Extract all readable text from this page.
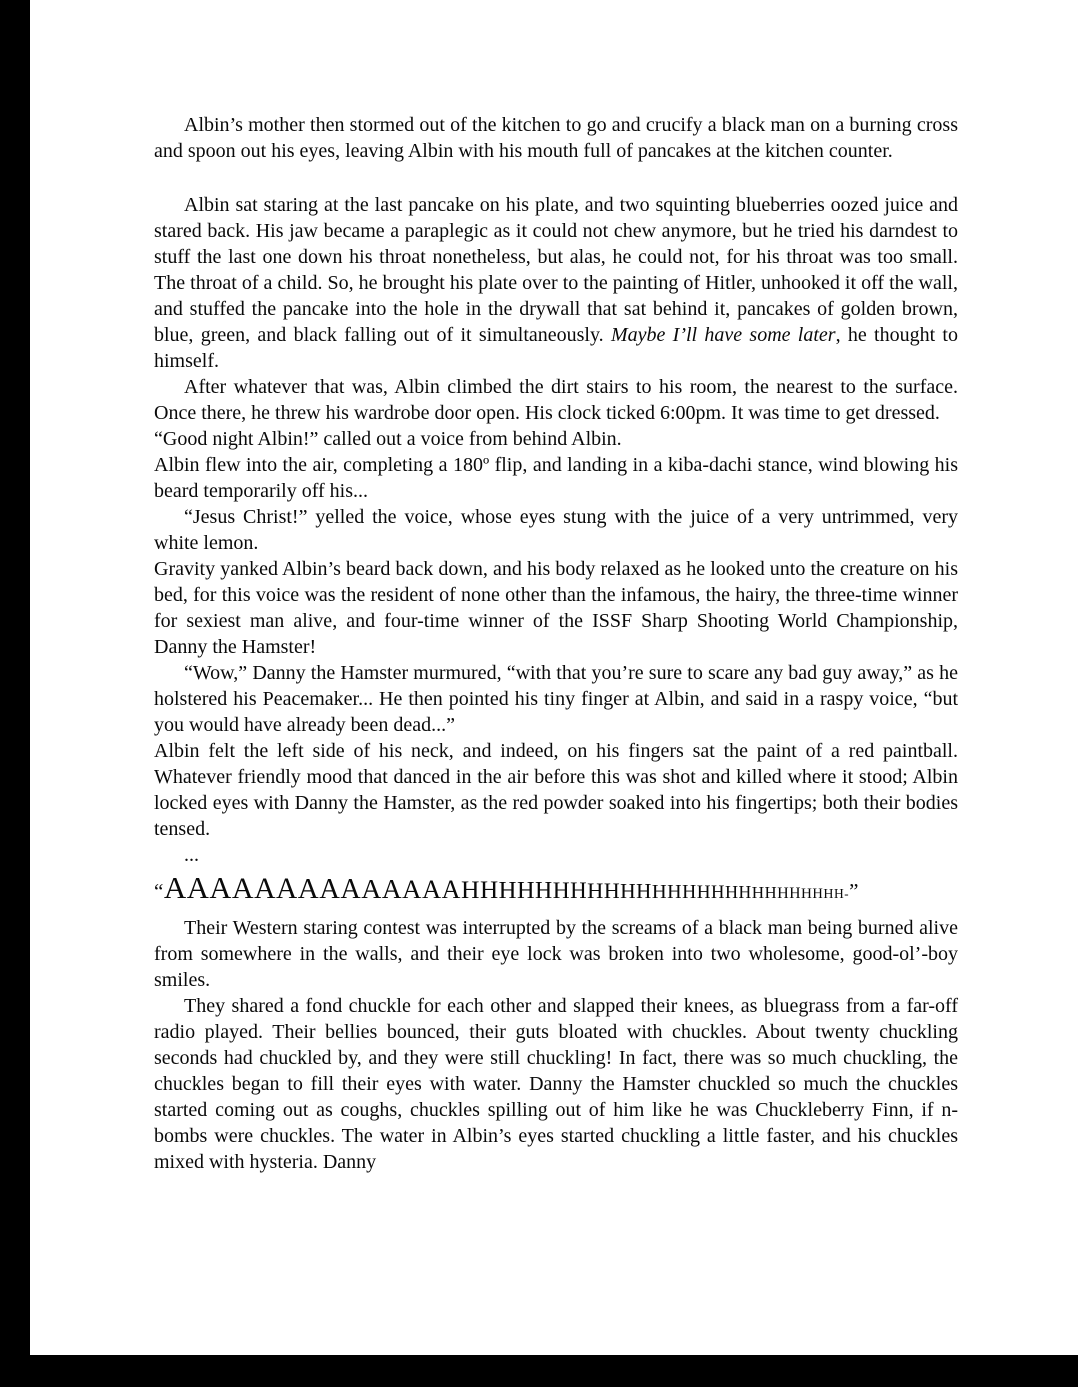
Albin’s mother then stormed out of the kitchen to go and crucify a black man on a burning cross and spoon out his eyes, leaving Albin with his mouth full of pancakes at the kitchen counter.

Albin sat staring at the last pancake on his plate, and two squinting blueberries oozed juice and stared back. His jaw became a paraplegic as it could not chew anymore, but he tried his darndest to stuff the last one down his throat nonetheless, but alas, he could not, for his throat was too small. The throat of a child. So, he brought his plate over to the painting of Hitler, unhooked it off the wall, and stuffed the pancake into the hole in the drywall that sat behind it, pancakes of golden brown, blue, green, and black falling out of it simultaneously. Maybe I’ll have some later, he thought to himself.

After whatever that was, Albin climbed the dirt stairs to his room, the nearest to the surface. Once there, he threw his wardrobe door open. His clock ticked 6:00pm. It was time to get dressed.

“Good night Albin!” called out a voice from behind Albin.

Albin flew into the air, completing a 180º flip, and landing in a kiba-dachi stance, wind blowing his beard temporarily off his...

“Jesus Christ!” yelled the voice, whose eyes stung with the juice of a very untrimmed, very white lemon.

Gravity yanked Albin’s beard back down, and his body relaxed as he looked unto the creature on his bed, for this voice was the resident of none other than the infamous, the hairy, the three-time winner for sexiest man alive, and four-time winner of the ISSF Sharp Shooting World Championship, Danny the Hamster!

“Wow,” Danny the Hamster murmured, “with that you’re sure to scare any bad guy away,” as he holstered his Peacemaker... He then pointed his tiny finger at Albin, and said in a raspy voice, “but you would have already been dead...”

Albin felt the left side of his neck, and indeed, on his fingers sat the paint of a red paintball. Whatever friendly mood that danced in the air before this was shot and killed where it stood; Albin locked eyes with Danny the Hamster, as the red powder soaked into his fingertips; both their bodies tensed.

...

“AAAAAAAAAAAAAAHHHHHHHHHHHHHHHHHHHHHHHHHH-”

Their Western staring contest was interrupted by the screams of a black man being burned alive from somewhere in the walls, and their eye lock was broken into two wholesome, good-ol’-boy smiles.

They shared a fond chuckle for each other and slapped their knees, as bluegrass from a far-off radio played. Their bellies bounced, their guts bloated with chuckles. About twenty chuckling seconds had chuckled by, and they were still chuckling! In fact, there was so much chuckling, the chuckles began to fill their eyes with water. Danny the Hamster chuckled so much the chuckles started coming out as coughs, chuckles spilling out of him like he was Chuckleberry Finn, if n-bombs were chuckles. The water in Albin’s eyes started chuckling a little faster, and his chuckles mixed with hysteria. Danny
